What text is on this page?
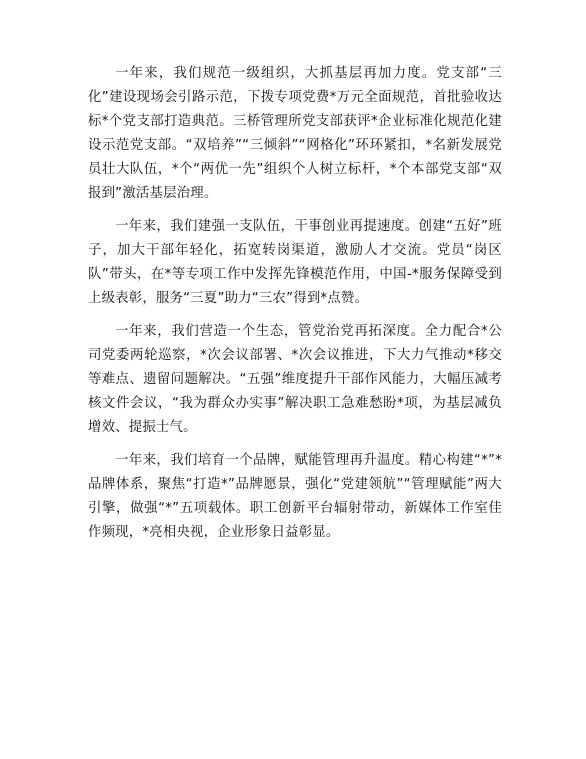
一年来，我们规范一级组织，大抓基层再加力度。党支部“三化”建设现场会引路示范，下拨专项党费*万元全面规范，首批验收达标*个党支部打造典范。三桥管理所党支部获评*企业标准化规范化建设示范党支部。“双培养”“三倾斜”“网格化”环环紧扣，*名新发展党员壮大队伍，*个“两优一先”组织个人树立标杆，*个本部党支部“双报到”激活基层治理。

一年来，我们建强一支队伍，干事创业再提速度。创建“五好”班子，加大干部年轻化，拓宽转岗渠道，激励人才交流。党员“岗区队”带头，在*等专项工作中发挥先锋模范作用，中国-*服务保障受到上级表彰，服务“三夏”助力“三农”得到*点赞。

一年来，我们营造一个生态，管党治党再拓深度。全力配合*公司党委两轮巡察，*次会议部署、*次会议推进，下大力气推动*移交等难点、遗留问题解决。“五强”维度提升干部作风能力，大幅压减考核文件会议，“我为群众办实事”解决职工急难愁盼*项，为基层减负增效、提振士气。

一年来，我们培育一个品牌，赋能管理再升温度。精心构建“*”*品牌体系，聚焦“打造*”品牌愿景，强化“党建领航”“管理赋能”两大引擎，做强“*”五项载体。职工创新平台辐射带动，新媒体工作室佳作频现，*亮相央视，企业形象日益彰显。
